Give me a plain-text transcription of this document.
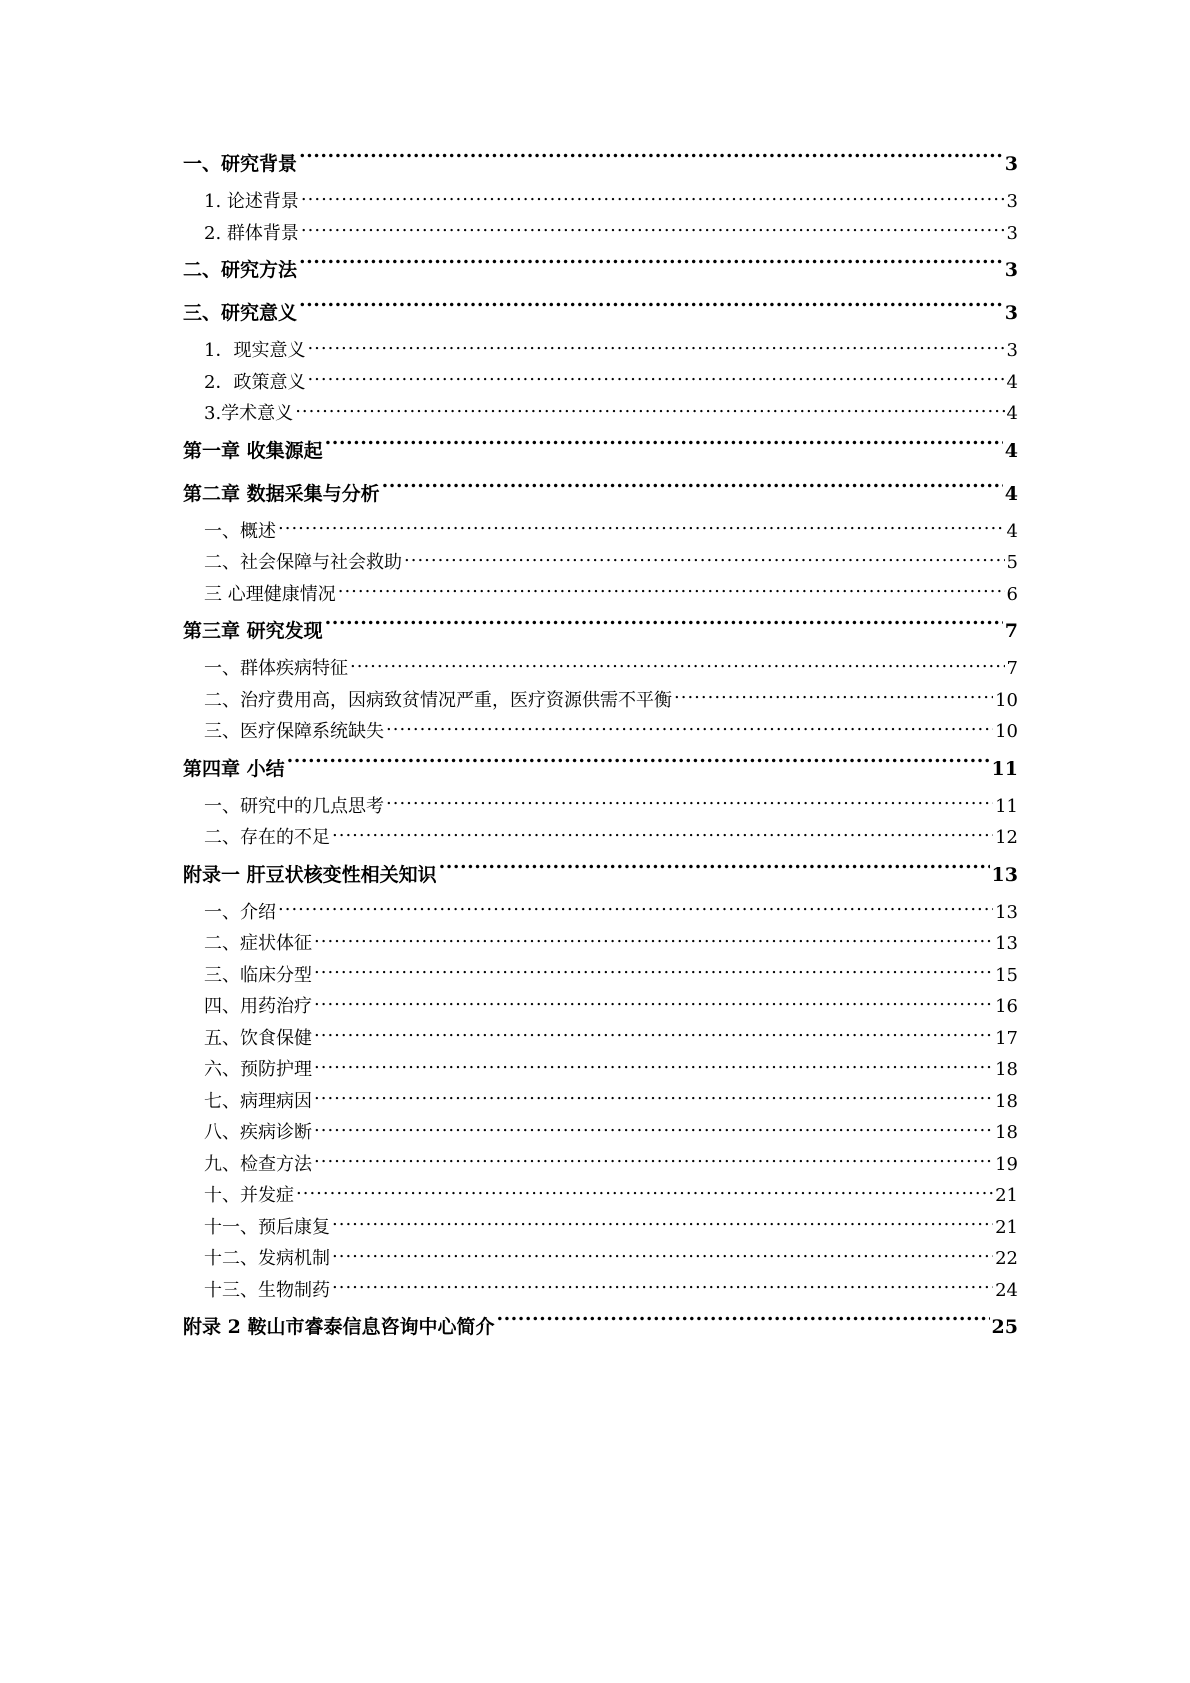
一、研究背景 .....	3
1. 论述背景 .....	3
2. 群体背景 .....	3
二、研究方法 .....	3
三、研究意义 .....	3
1．现实意义 .....	3
2．政策意义 .....	4
3.学术意义 .....	4
第一章 收集源起 .....	4
第二章 数据采集与分析 .....	4
一、概述 .....	4
二、社会保障与社会救助 .....	5
三 心理健康情况 .....	6
第三章 研究发现 .....	7
一、群体疾病特征 .....	7
二、治疗费用高，因病致贫情况严重，医疗资源供需不平衡 .....	10
三、医疗保障系统缺失 .....	10
第四章 小结 .....	11
一、研究中的几点思考 .....	11
二、存在的不足 .....	12
附录一 肝豆状核变性相关知识 .....	13
一、介绍 .....	13
二、症状体征 .....	13
三、临床分型 .....	15
四、用药治疗 .....	16
五、饮食保健 .....	17
六、预防护理 .....	18
七、病理病因 .....	18
八、疾病诊断 .....	18
九、检查方法 .....	19
十、并发症 .....	21
十一、预后康复 .....	21
十二、发病机制 .....	22
十三、生物制药 .....	24
附录 2 鞍山市睿泰信息咨询中心简介 .....	25
